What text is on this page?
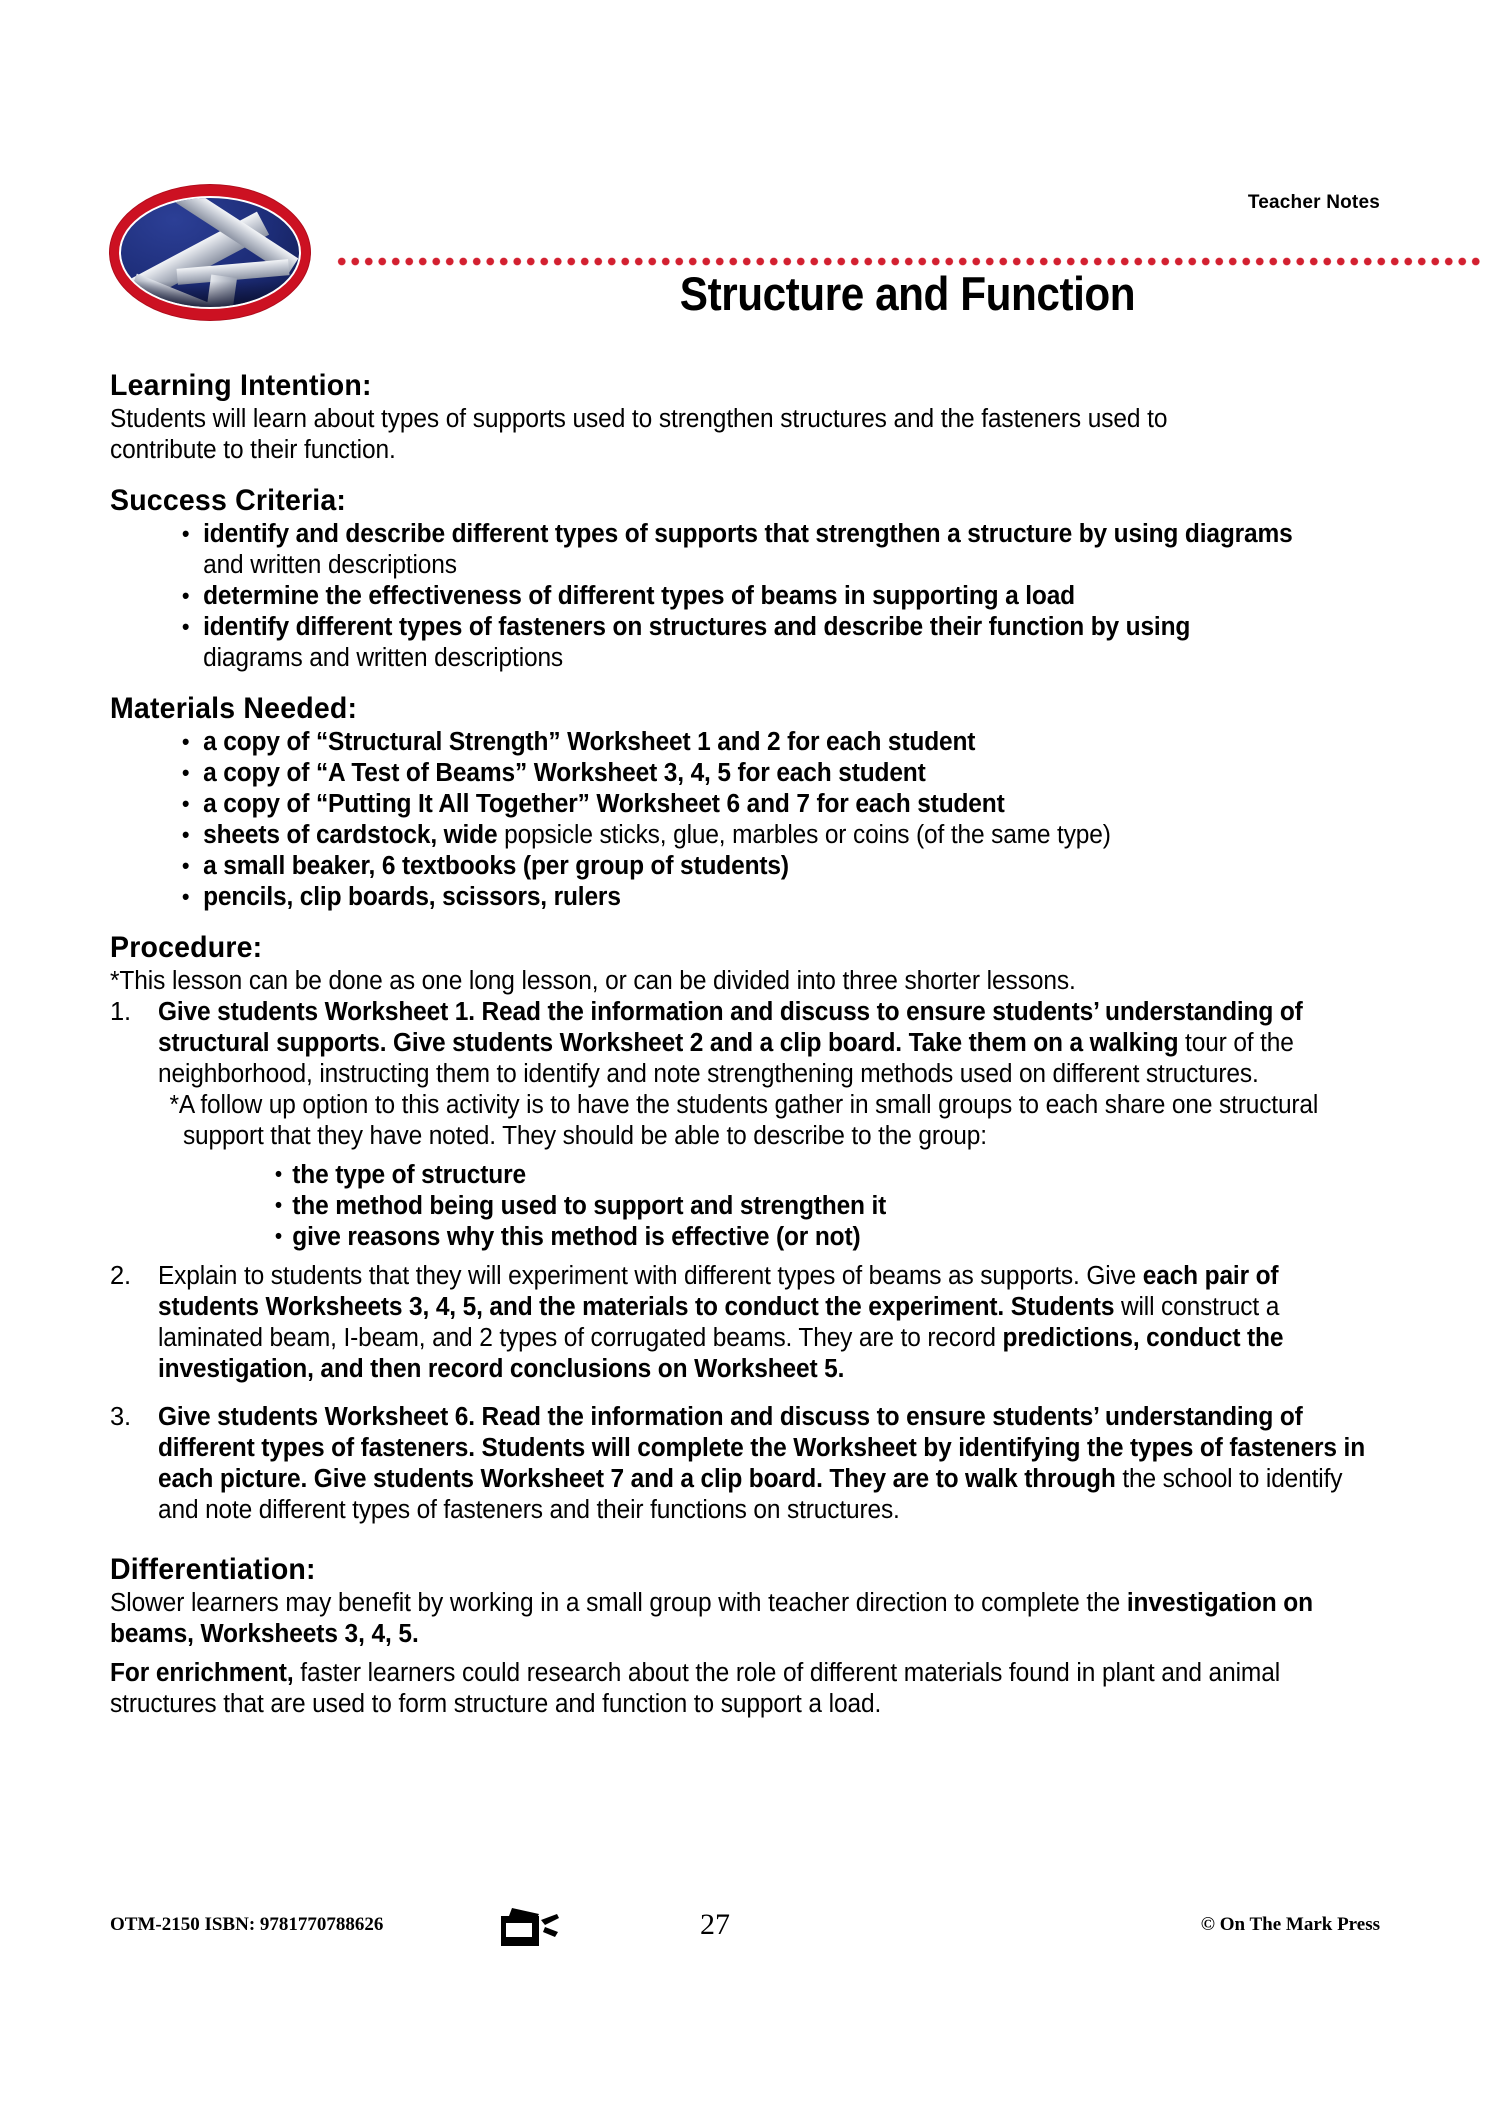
Teacher Notes
Structure and Function
Learning Intention:
Students will learn about types of supports used to strengthen structures and the fasteners used to
contribute to their function.
Success Criteria:
• identify and describe different types of supports that strengthen a structure by using diagrams
and written descriptions
• determine the effectiveness of different types of beams in supporting a load
• identify different types of fasteners on structures and describe their function by using
diagrams and written descriptions
Materials Needed:
• a copy of “Structural Strength” Worksheet 1 and 2 for each student
• a copy of “A Test of Beams” Worksheet 3, 4, 5 for each student
• a copy of “Putting It All Together” Worksheet 6 and 7 for each student
• sheets of cardstock, wide popsicle sticks, glue, marbles or coins (of the same type)
• a small beaker, 6 textbooks (per group of students)
• pencils, clip boards, scissors, rulers
Procedure:
*This lesson can be done as one long lesson, or can be divided into three shorter lessons.
1.	Give students Worksheet 1. Read the information and discuss to ensure students’ understanding of structural supports. Give students Worksheet 2 and a clip board. Take them on a walking tour of the neighborhood, instructing them to identify and note strengthening methods used on different structures.
*A follow up option to this activity is to have the students gather in small groups to each share one structural support that they have noted. They should be able to describe to the group:
• the type of structure
• the method being used to support and strengthen it
• give reasons why this method is effective (or not)
2.	Explain to students that they will experiment with different types of beams as supports. Give each pair of students Worksheets 3, 4, 5, and the materials to conduct the experiment. Students will construct a laminated beam, I-beam, and 2 types of corrugated beams. They are to record predictions, conduct the investigation, and then record conclusions on Worksheet 5.
3.	Give students Worksheet 6. Read the information and discuss to ensure students’ understanding of different types of fasteners. Students will complete the Worksheet by identifying the types of fasteners in each picture. Give students Worksheet 7 and a clip board. They are to walk through the school to identify and note different types of fasteners and their functions on structures.
Differentiation:
Slower learners may benefit by working in a small group with teacher direction to complete the investigation on beams, Worksheets 3, 4, 5.
For enrichment, faster learners could research about the role of different materials found in plant and animal structures that are used to form structure and function to support a load.
OTM-2150 ISBN: 9781770788626	27	© On The Mark Press
